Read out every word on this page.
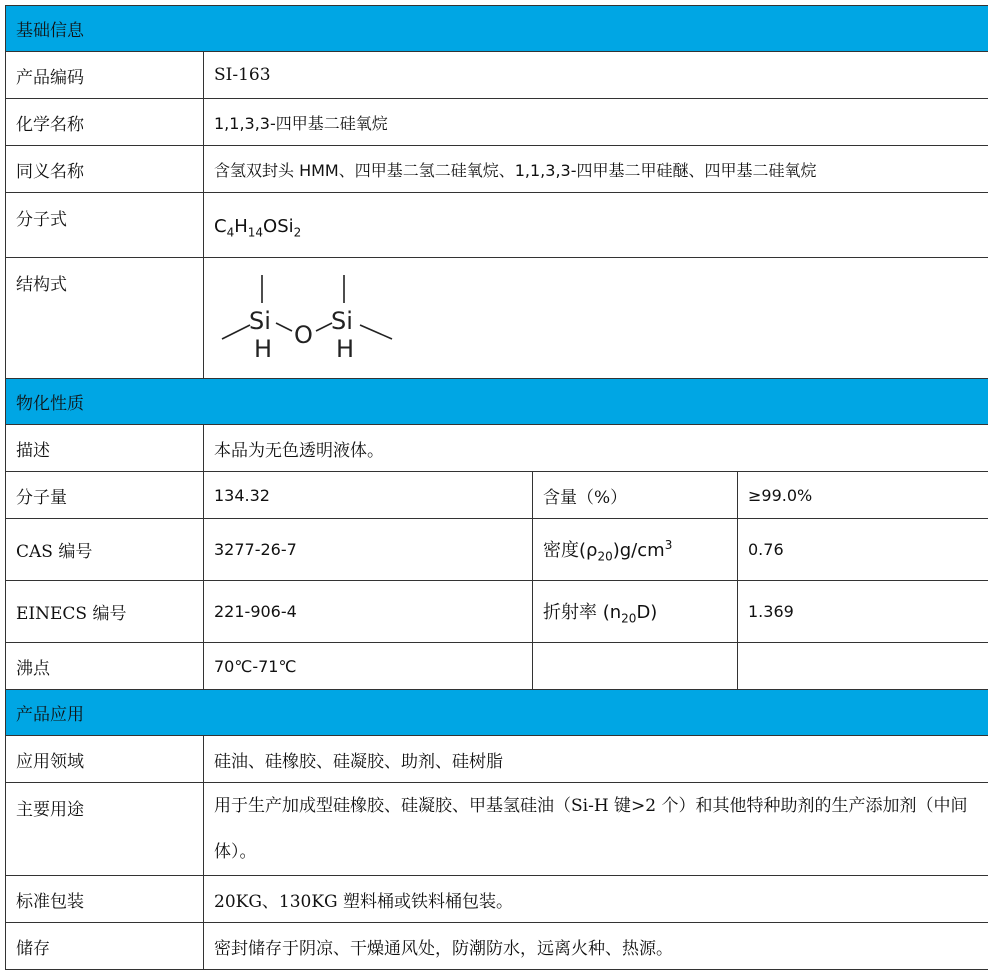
基础信息			
产品编码	SI-163		
化学名称	1,1,3,3-四甲基二硅氧烷		
同义名称	含氢双封头 HMM、四甲基二氢二硅氧烷、1,1,3,3-四甲基二甲硅醚、四甲基二硅氧烷		
分子式	$C_4H_{14}OSi_2$
结构式	Si
H O Si
H		

物化性质			
描述	本品为无色透明液体。		
分子量	134.32	含量（%）	≥99.0%
CAS 编号	3277-26-7	密度$(\rho_{20})g/cm^3$	0.76
EINECS 编号	221-906-4	折射率 $(n_{20}D)$	1.369
沸点	70℃-71℃		
产品应用			
应用领域	硅油、硅橡胶、硅凝胶、助剂、硅树脂		
主要用途	用于生产加成型硅橡胶、硅凝胶、甲基氢硅油（Si-H 键>2 个）和其他特种助剂的生产添加剂（中间体）。		
标准包装	20KG、130KG 塑料桶或铁料桶包装。		
储存	密封储存于阴凉、干燥通风处，防潮防水，远离火种、热源。		
